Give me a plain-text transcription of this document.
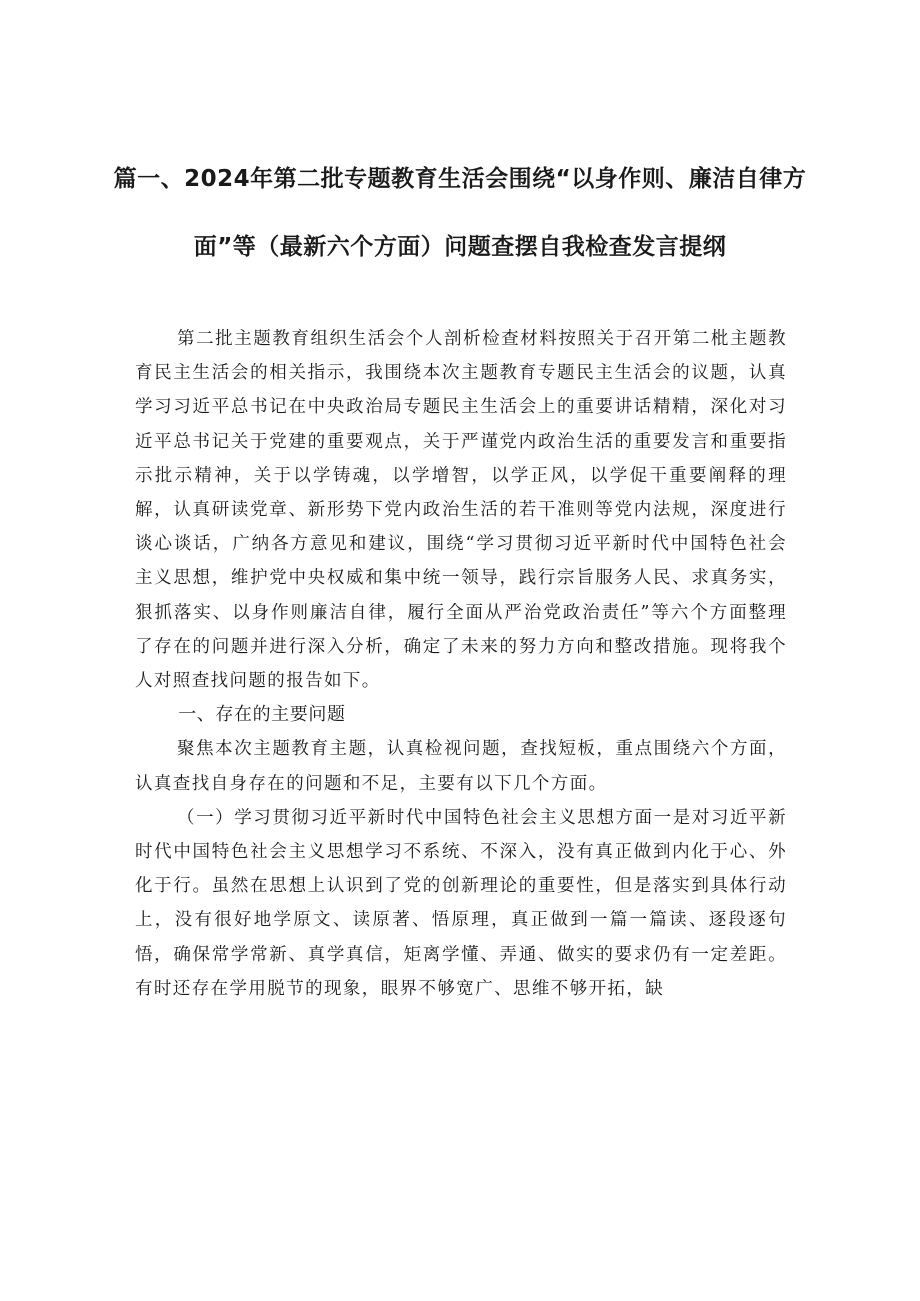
篇一、2024年第二批专题教育生活会围绕“以身作则、廉洁自律方
面”等（最新六个方面）问题查摆自我检查发言提纲

第二批主题教育组织生活会个人剖析检查材料按照关于召开第二枇主题教育民主生活会的相关指示，我围绕本次主题教育专题民主生活会的议题，认真学习习近平总书记在中央政治局专题民主生活会上的重要讲话精精，深化对习近平总书记关于党建的重要观点，关于严谨党内政治生活的重要发言和重要指示批示精神，关于以学铸魂，以学增智，以学正风，以学促干重要阐释的理解，认真研读党章、新形势下党内政治生活的若干准则等党内法规，深度进行谈心谈话，广纳各方意见和建议，围绕“学习贯彻习近平新时代中国特色社会主义思想，维护党中央权威和集中统一领导，践行宗旨服务人民、求真务实，狠抓落实、以身作则廉洁自律，履行全面从严治党政治责任”等六个方面整理了存在的问题并进行深入分析，确定了未来的努力方向和整改措施。现将我个人对照查找问题的报告如下。

一、存在的主要问题

聚焦本次主题教育主题，认真检视问题，查找短板，重点围绕六个方面，认真查找自身存在的问题和不足，主要有以下几个方面。

（一）学习贯彻习近平新时代中国特色社会主义思想方面一是对习近平新时代中国特色社会主义思想学习不系统、不深入，没有真正做到内化于心、外化于行。虽然在思想上认识到了党的创新理论的重要性，但是落实到具体行动上，没有很好地学原文、读原著、悟原理，真正做到一篇一篇读、逐段逐句悟，确保常学常新、真学真信，矩离学懂、弄通、做实的要求仍有一定差距。有时还存在学用脱节的现象，眼界不够宽广、思维不够开拓，缺
